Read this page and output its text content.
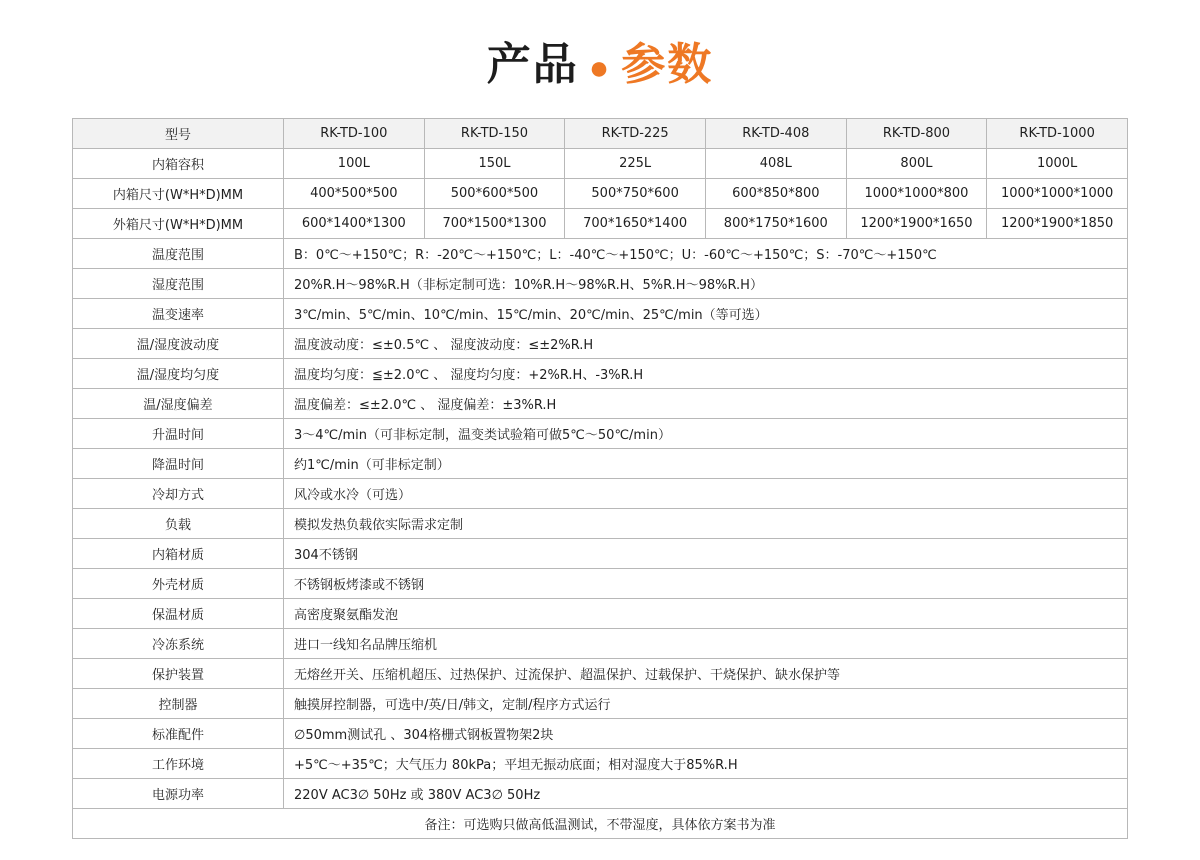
产品 ● 参数
型号	RK-TD-100	RK-TD-150	RK-TD-225	RK-TD-408	RK-TD-800	RK-TD-1000
内箱容积	100L	150L	225L	408L	800L	1000L
内箱尺寸(W*H*D)MM	400*500*500	500*600*500	500*750*600	600*850*800	1000*1000*800	1000*1000*1000
外箱尺寸(W*H*D)MM	600*1400*1300	700*1500*1300	700*1650*1400	800*1750*1600	1200*1900*1650	1200*1900*1850
温度范围	B：0℃～+150℃；R：-20℃～+150℃；L：-40℃～+150℃；U：-60℃～+150℃；S：-70℃～+150℃					
湿度范围	20%R.H～98%R.H（非标定制可选：10%R.H～98%R.H、5%R.H～98%R.H）					
温变速率	3℃/min、5℃/min、10℃/min、15℃/min、20℃/min、25℃/min（等可选）					
温/湿度波动度	温度波动度：≤±0.5℃ 、 湿度波动度：≤±2%R.H					
温/湿度均匀度	温度均匀度：≦±2.0℃ 、 湿度均匀度：+2%R.H、-3%R.H					
温/湿度偏差	温度偏差：≤±2.0℃ 、 湿度偏差：±3%R.H					
升温时间	3～4℃/min（可非标定制，温变类试验箱可做5℃～50℃/min）					
降温时间	约1℃/min（可非标定制）					
冷却方式	风冷或水冷（可选）					
负载	模拟发热负载依实际需求定制					
内箱材质	304不锈钢					
外壳材质	不锈钢板烤漆或不锈钢					
保温材质	高密度聚氨酯发泡					
冷冻系统	进口一线知名品牌压缩机					
保护装置	无熔丝开关、压缩机超压、过热保护、过流保护、超温保护、过载保护、干烧保护、缺水保护等					
控制器	触摸屏控制器，可选中/英/日/韩文，定制/程序方式运行					
标准配件	∅50mm测试孔 、304格栅式钢板置物架2块					
工作环境	+5℃～+35℃；大气压力 80kPa；平坦无振动底面；相对湿度大于85%R.H					
电源功率	220V AC3∅ 50Hz 或 380V AC3∅ 50Hz					
备注：可选购只做高低温测试，不带湿度，具体依方案书为准						
